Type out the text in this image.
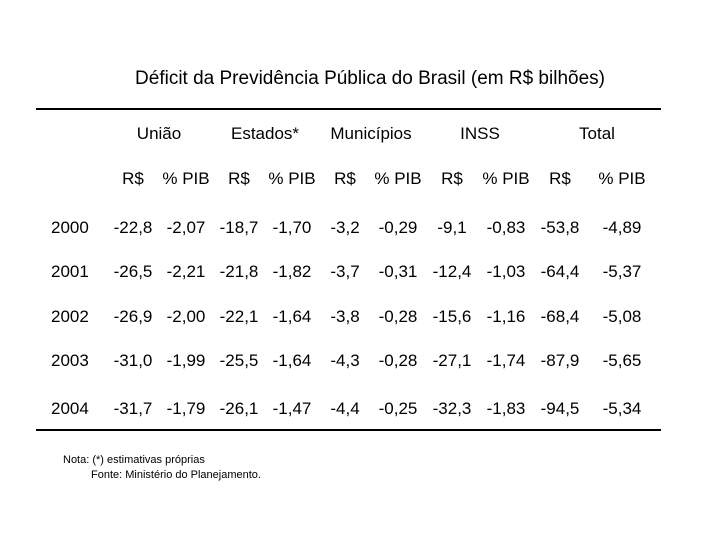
Déficit da Previdência Pública do Brasil (em R$ bilhões)
União	Estados* Municípios	INSS	Total
R$ % PIB R$ % PIB R$ % PIB R$ % PIB R$ % PIB
2000 -22,8 -2,07 -18,7 -1,70 -3,2 -0,29 -9,1 -0,83 -53,8 -4,89
2001 -26,5 -2,21 -21,8 -1,82 -3,7 -0,31 -12,4 -1,03 -64,4 -5,37
2002 -26,9 -2,00 -22,1 -1,64 -3,8 -0,28 -15,6 -1,16 -68,4 -5,08
2003 -31,0 -1,99 -25,5 -1,64 -4,3 -0,28 -27,1 -1,74 -87,9 -5,65
2004 -31,7 -1,79 -26,1 -1,47 -4,4 -0,25 -32,3 -1,83 -94,5 -5,34
Nota: (*) estimativas próprias
Fonte: Ministério do Planejamento.
